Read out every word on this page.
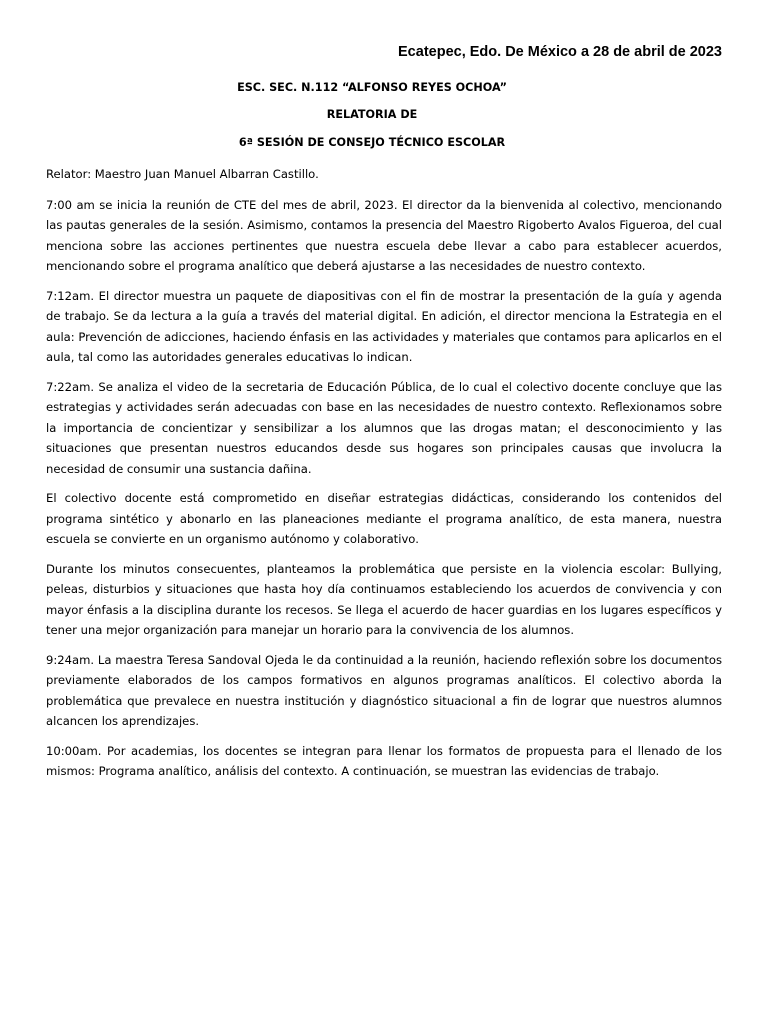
Ecatepec, Edo. De México a 28 de abril de 2023
ESC. SEC. N.112 “ALFONSO REYES OCHOA”
RELATORIA DE
6ª SESIÓN DE CONSEJO TÉCNICO ESCOLAR

Relator: Maestro Juan Manuel Albarran Castillo.

7:00 am se inicia la reunión de CTE del mes de abril, 2023. El director da la bienvenida al colectivo, mencionando las pautas generales de la sesión. Asimismo, contamos la presencia del Maestro Rigoberto Avalos Figueroa, del cual menciona sobre las acciones pertinentes que nuestra escuela debe llevar a cabo para establecer acuerdos, mencionando sobre el programa analítico que deberá ajustarse a las necesidades de nuestro contexto.

7:12am. El director muestra un paquete de diapositivas con el fin de mostrar la presentación de la guía y agenda de trabajo. Se da lectura a la guía a través del material digital. En adición, el director menciona la Estrategia en el aula: Prevención de adicciones, haciendo énfasis en las actividades y materiales que contamos para aplicarlos en el aula, tal como las autoridades generales educativas lo indican.

7:22am. Se analiza el video de la secretaria de Educación Pública, de lo cual el colectivo docente concluye que las estrategias y actividades serán adecuadas con base en las necesidades de nuestro contexto. Reflexionamos sobre la importancia de concientizar y sensibilizar a los alumnos que las drogas matan; el desconocimiento y las situaciones que presentan nuestros educandos desde sus hogares son principales causas que involucra la necesidad de consumir una sustancia dañina.

El colectivo docente está comprometido en diseñar estrategias didácticas, considerando los contenidos del programa sintético y abonarlo en las planeaciones mediante el programa analítico, de esta manera, nuestra escuela se convierte en un organismo autónomo y colaborativo.

Durante los minutos consecuentes, planteamos la problemática que persiste en la violencia escolar: Bullying, peleas, disturbios y situaciones que hasta hoy día continuamos estableciendo los acuerdos de convivencia y con mayor énfasis a la disciplina durante los recesos. Se llega el acuerdo de hacer guardias en los lugares específicos y tener una mejor organización para manejar un horario para la convivencia de los alumnos.

9:24am. La maestra Teresa Sandoval Ojeda le da continuidad a la reunión, haciendo reflexión sobre los documentos previamente elaborados de los campos formativos en algunos programas analíticos. El colectivo aborda la problemática que prevalece en nuestra institución y diagnóstico situacional a fin de lograr que nuestros alumnos alcancen los aprendizajes.

10:00am. Por academias, los docentes se integran para llenar los formatos de propuesta para el llenado de los mismos: Programa analítico, análisis del contexto. A continuación, se muestran las evidencias de trabajo.
